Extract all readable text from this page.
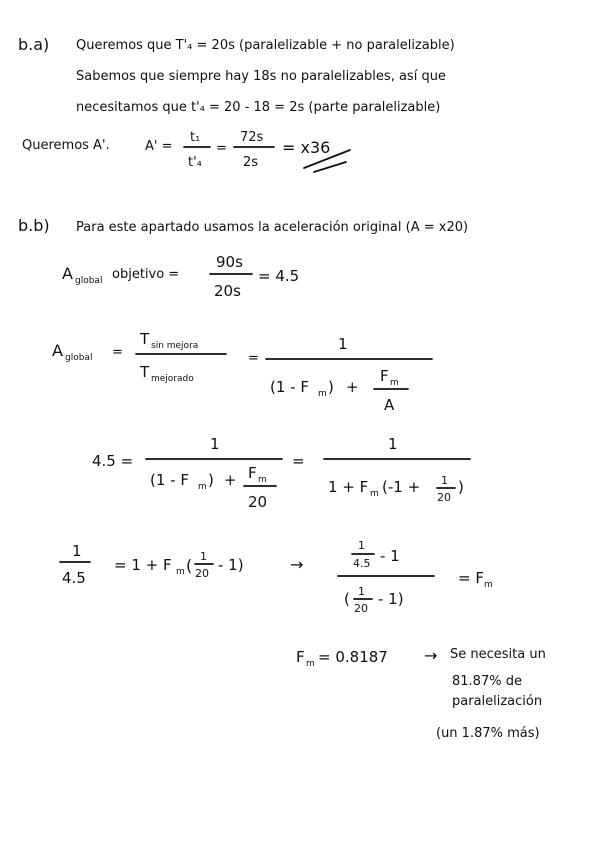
b.a) Queremos que T'₄ = 20s (paralelizable + no paralelizable)
Sabemos que siempre hay 18s no paralelizables, así que
necesitamos que t'₄ = 20 - 18 = 2s (parte paralelizable)
Queremos A'.	A' =
t₁
t'₄
=
72s
2s
= x36
b.b) Para este apartado usamos la aceleración original (A = x20)
A global objetivo =
90s
20s
= 4.5
A global =
T sin mejora
T mejorado
=
1
(1 - F m ) +
F m
A
4.5 =
1
(1 - F m ) + F m
20
=
1
1 + F m (-1 + 1
20
)
1
4.5
= 1 + F m ( 1
20 - 1)	→
1
4.5 - 1
( 1
20
- 1)
= F m
F m = 0.8187 → Se necesita un
81.87% de
paralelización
(un 1.87% más)
